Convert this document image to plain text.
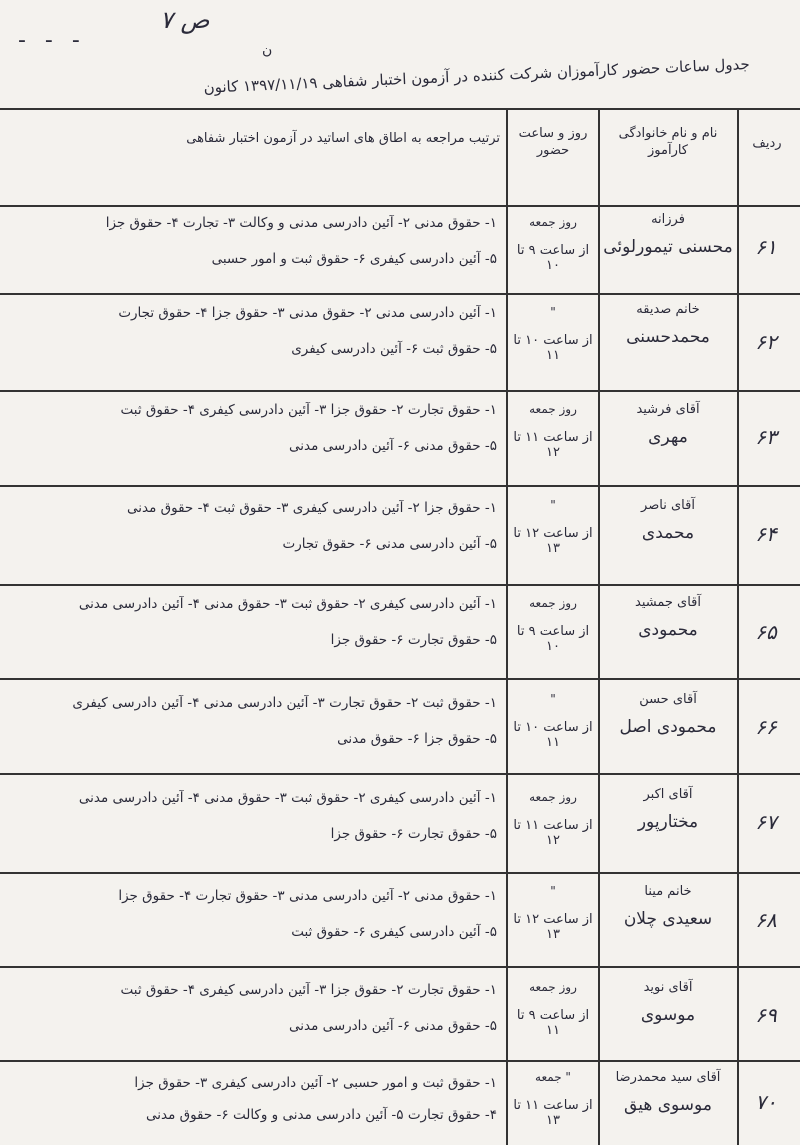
ص ۷
- - -	ن
جدول ساعات حضور کارآموزان شرکت کننده در آزمون اختبار شفاهی ۱۳۹۷/۱۱/۱۹ کانون
ردیف
نام و نام خانوادگی کارآموز
روز و ساعت حضور
ترتیب مراجعه به اطاق های اساتید در آزمون اختبار شفاهی
۶۱
فرزانه
محسنی تیمورلوئی
روز جمعه
از ساعت ۹ تا ۱۰
۱- حقوق مدنی ۲- آئین دادرسی مدنی و وکالت ۳- تجارت ۴- حقوق جزا
۵- آئین دادرسی کیفری ۶- حقوق ثبت و امور حسبی
۶۲
خانم صدیقه
محمدحسنی
"
از ساعت ۱۰ تا ۱۱
۱- آئین دادرسی مدنی ۲- حقوق مدنی ۳- حقوق جزا ۴- حقوق تجارت
۵- حقوق ثبت ۶- آئین دادرسی کیفری
۶۳
آقای فرشید
مهری
روز جمعه
از ساعت ۱۱ تا ۱۲
۱- حقوق تجارت ۲- حقوق جزا ۳- آئین دادرسی کیفری ۴- حقوق ثبت
۵- حقوق مدنی ۶- آئین دادرسی مدنی
۶۴
آقای ناصر
محمدی
"
از ساعت ۱۲ تا ۱۳
۱- حقوق جزا ۲- آئین دادرسی کیفری ۳- حقوق ثبت ۴- حقوق مدنی
۵- آئین دادرسی مدنی ۶- حقوق تجارت
۶۵
آقای جمشید
محمودی
روز جمعه
از ساعت ۹ تا ۱۰
۱- آئین دادرسی کیفری ۲- حقوق ثبت ۳- حقوق مدنی ۴- آئین دادرسی مدنی
۵- حقوق تجارت ۶- حقوق جزا
۶۶
آقای حسن
محمودی اصل
"
از ساعت ۱۰ تا ۱۱
۱- حقوق ثبت ۲- حقوق تجارت ۳- آئین دادرسی مدنی ۴- آئین دادرسی کیفری
۵- حقوق جزا ۶- حقوق مدنی
۶۷
آقای اکبر
مختارپور
روز جمعه
از ساعت ۱۱ تا ۱۲
۱- آئین دادرسی کیفری ۲- حقوق ثبت ۳- حقوق مدنی ۴- آئین دادرسی مدنی
۵- حقوق تجارت ۶- حقوق جزا
۶۸
خانم مینا
سعیدی چلان
"
از ساعت ۱۲ تا ۱۳
۱- حقوق مدنی ۲- آئین دادرسی مدنی ۳- حقوق تجارت ۴- حقوق جزا
۵- آئین دادرسی کیفری ۶- حقوق ثبت
۶۹
آقای نوید
موسوی
روز جمعه
از ساعت ۹ تا ۱۱
۱- حقوق تجارت ۲- حقوق جزا ۳- آئین دادرسی کیفری ۴- حقوق ثبت
۵- حقوق مدنی ۶- آئین دادرسی مدنی
۷۰
آقای سید محمدرضا
موسوی هیق
" جمعه
از ساعت ۱۱ تا ۱۳
۱- حقوق ثبت و امور حسبی ۲- آئین دادرسی کیفری ۳- حقوق جزا
۴- حقوق تجارت ۵- آئین دادرسی مدنی و وکالت ۶- حقوق مدنی
